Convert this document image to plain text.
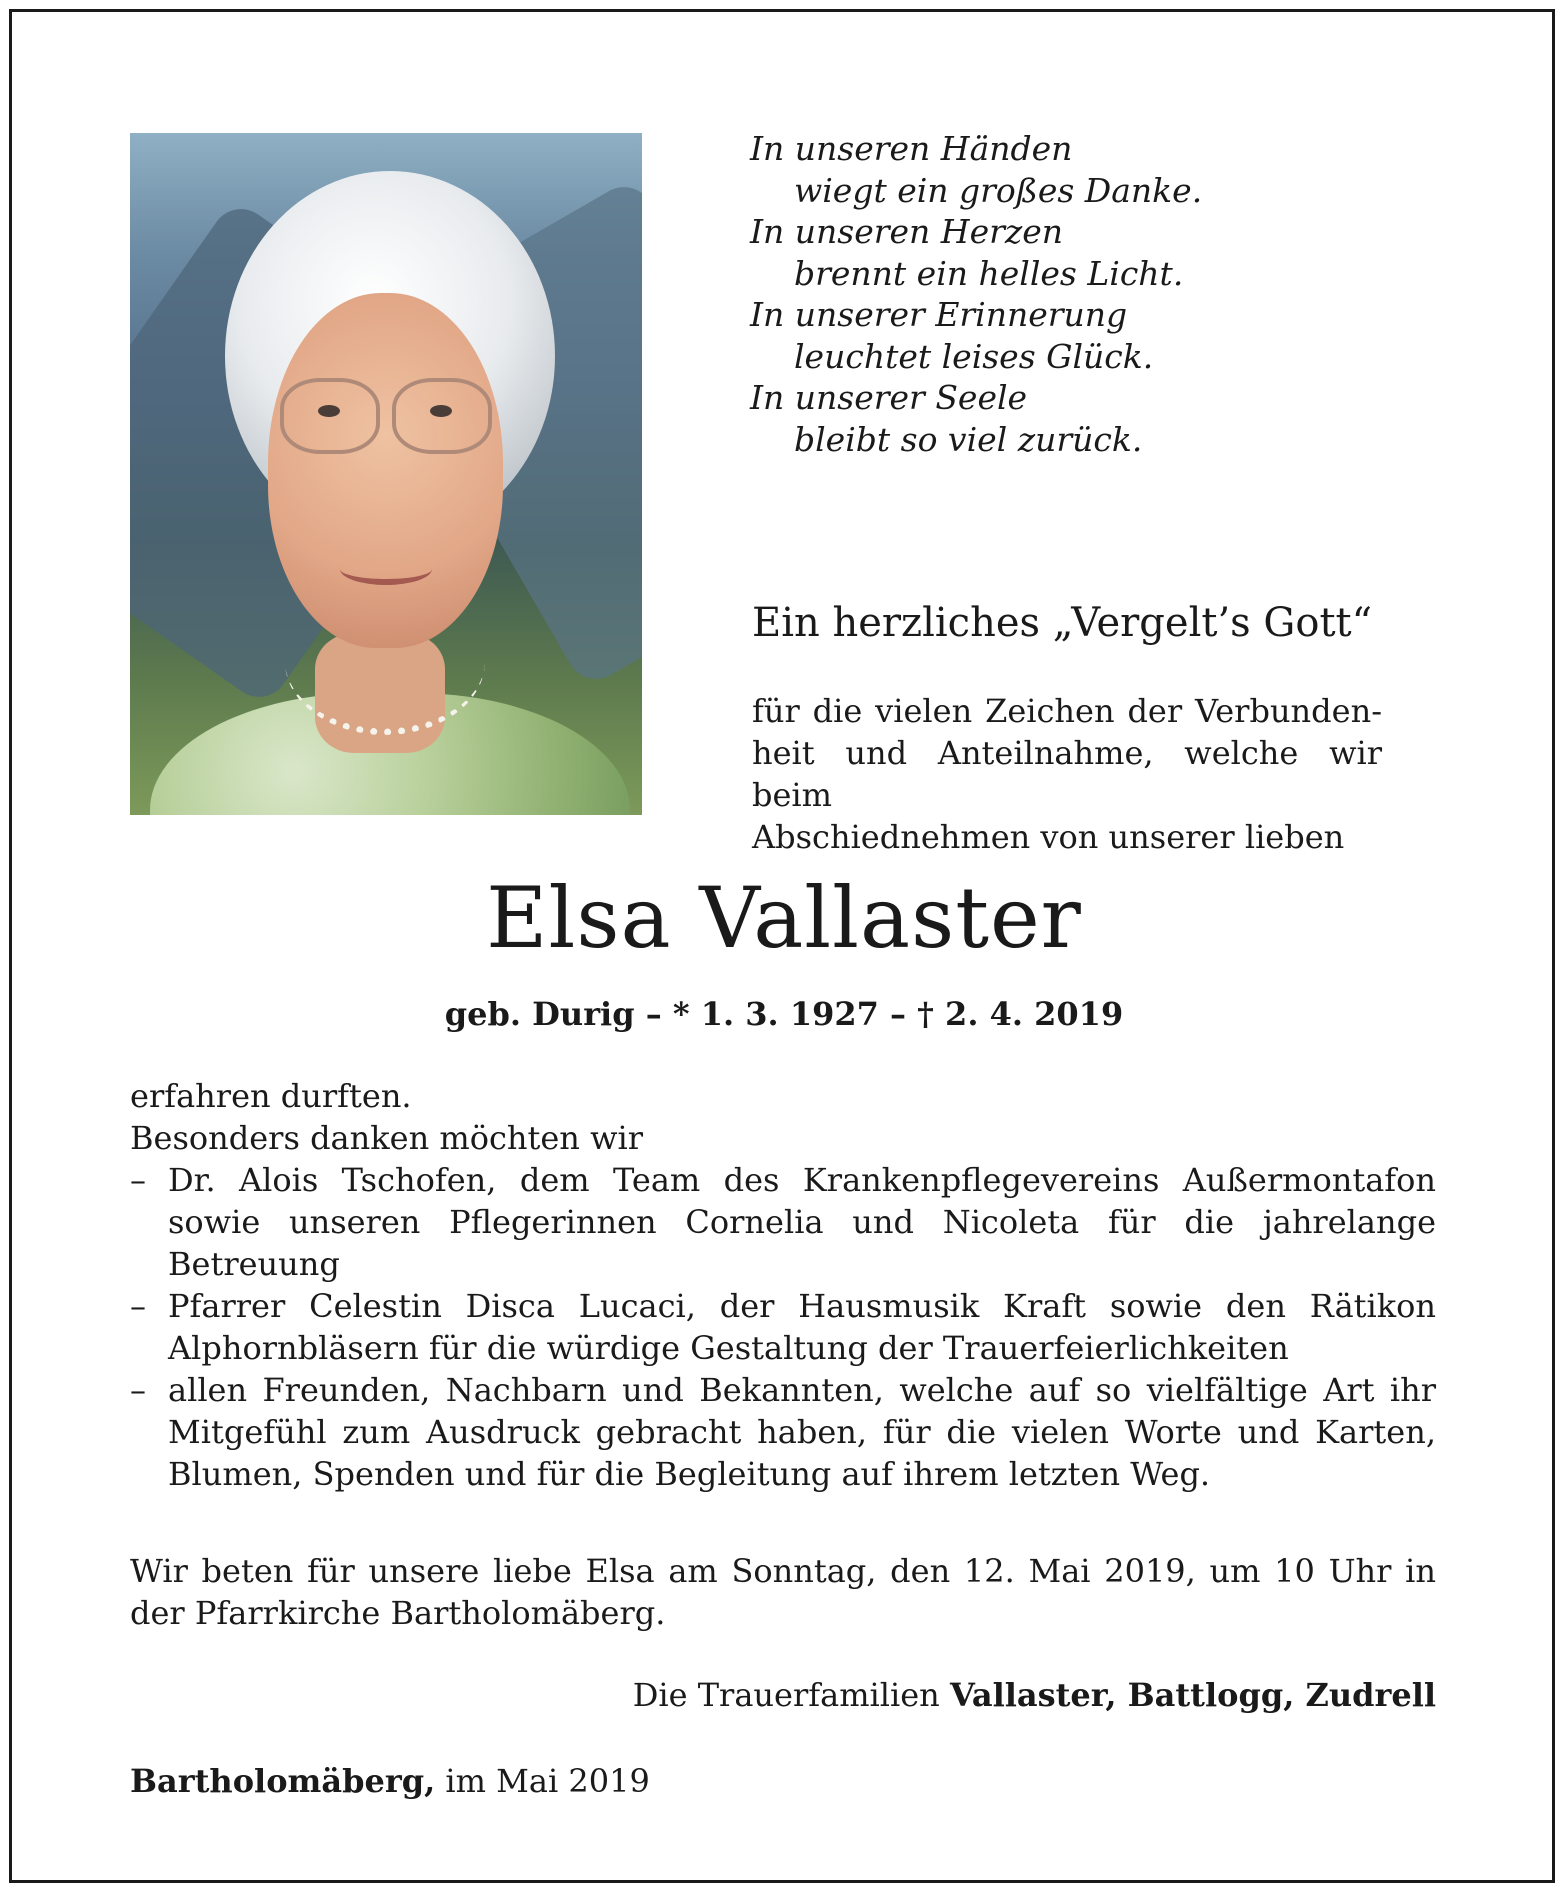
In unseren Händen
wiegt ein großes Danke.
In unseren Herzen
brennt ein helles Licht.
In unserer Erinnerung
leuchtet leises Glück.
In unserer Seele
bleibt so viel zurück.
Ein herzliches „Vergelt’s Gott“
für die vielen Zeichen der Verbunden-
heit und Anteilnahme, welche wir beim
Abschiednehmen von unserer lieben
Elsa Vallaster
geb. Durig – * 1. 3. 1927 – † 2. 4. 2019

erfahren durften.

Besonders danken möchten wir

– Dr. Alois Tschofen, dem Team des Krankenpflegevereins Außermontafon sowie unseren Pflegerinnen Cornelia und Nicoleta für die jahrelange Betreuung
– Pfarrer Celestin Disca Lucaci, der Hausmusik Kraft sowie den Rätikon Alphornbläsern für die würdige Gestaltung der Trauerfeierlichkeiten
– allen Freunden, Nachbarn und Bekannten, welche auf so vielfältige Art ihr Mitgefühl zum Ausdruck gebracht haben, für die vielen Worte und Karten, Blumen, Spenden und für die Begleitung auf ihrem letzten Weg.
Wir beten für unsere liebe Elsa am Sonntag, den 12. Mai 2019, um 10 Uhr in der Pfarrkirche Bartholomäberg.
Die Trauerfamilien Vallaster, Battlogg, Zudrell
Bartholomäberg, im Mai 2019
